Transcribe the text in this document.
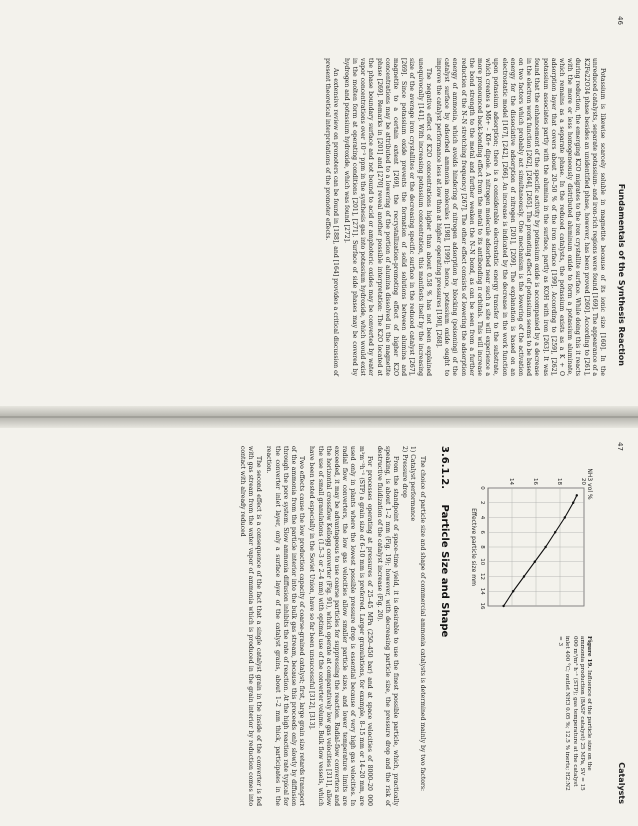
Fundamentals of the Synthesis Reaction
46

Potassium is likewise scarcely soluble in magnetite because of its ionic size [160]. In the unreduced catalysts, separate potassium- and iron-rich regions were found [169]. The appearance of a K2Fe22O34 phase besides an unidentified phase, however, has been proved [260]. According to [261], during reduction, the emerging K2O migrates to the iron crystallite surface. While doing this it reacts with the more or less homogeneously distributed aluminum oxide to form a potassium aluminate, which remains as a separate phase. In the reduced catalysts, the potassium exists as a K + O adsorption layer that covers about 20–50 % of the iron surface [199]. According to [259], [262], potassium associates partly with the alumina in the surface, partly as KOH with iron [263]. It was found that the enhancement of the specific activity by potassium oxide is accompanied by a decrease in the electron work function [262], [264], [265]. The promoting effect of potassium seems to be based on two factors which probably act simultaneously. One mechanism is the lowering of the activation energy for the dissociative adsorption of nitrogen [201], [209]. The explanation is based on an electrostatic model [167], [242], [266]. An increase is indicated by the decrease in the work function upon potassium adsorption; there is a considerable electrostatic energy transfer to the substrate, which creates a Mδ+ – Kδ+ dipole. A nitrogen molecule adsorbed near such a site will experience a more pronounced back-bonding effect from the metal to its antibonding π orbitals. This will increase the bond strength to the metal and further weaken the N–N bond, as can be seen from a further reduction of the N–N stretching frequency [267]. The other effect consists of lowering the adsorption energy of ammonia, which avoids hindering of nitrogen adsorption by blocking (poisoning) of the catalyst surface by adsorbed ammonia molecules [198], [199]; hence, potassium oxide ought to improve the catalyst performance less at low than at higher operating pressures [190], [268].

The negative effect of K2O concentrations higher than about 0.58 % has not been explained unequivocally [141]. With increasing potassium concentration, this manifests itself by the increasing size of the average iron crystallites or the decreasing specific surface in the reduced catalyst [267], [269]. Since potassium oxide prevents the formation of solid solutions between alumina and magnetite to a certain extent [269], the recrystallization-promoting effect of higher K2O concentrations may be attributed to a lowering of the portion of alumina dissolved in the magnetite phase [269]. Remarks in [201] and [270] reveal another possible interpretation: The K2O located at the phase boundary surface and not bound to acid or amphoteric oxides may be converted by water vapor concentrations over 10⁻³ ppm in the synthesis gas into potassium hydroxide, which would exist in the molten form at operating conditions [201], [271]. Surface of side phases may be covered by hydrogen and potassium hydroxide, which was found [272].

An extensive review on promoters can be found in [188], and [164] provides a critical discussion of present theoretical interpretations of the promoter effects.

Catalysts
47
14	16	18	20
0
2
4
6
8
10
12
14
16
Effective particle size mm
NH3 vol %
Figure 19. Influence of the particle size on the ammonia production (BASF catalyst) 25 MPa, SV = 15 000 m³/m³ h⁻¹ (STP); gas temperature at the catalyst inlet 400 °C; outlet NH3 0.05 %; 12.5 % inerts; H2:N2 = 3
3.6.1.2. Particle Size and Shape

The choice of particle size and shape of commercial ammonia catalysts is determined mainly by two factors:

1) Catalyst performance

2) Pressure drop

From the standpoint of space–time yield, it is desirable to use the finest possible particle, which, practically speaking, is about 1–2 mm (Fig. 19); however, with decreasing particle size, the pressure drop and the risk of destructive fluidization of the catalyst increase (Fig. 20).

For processes operating at pressures of 25–45 MPa (250–450 bar) and at space velocities of 8000–20 000 m³m⁻³h⁻¹ (STP) a grain size of 6–10 mm is preferred. Larger granulations, for example, 8–15 mm or 14–20 mm, are used only in plants where the lowest possible pressure drop is essential because of very high gas velocities. In radial flow converters, the low gas velocities allow smaller particle sizes, and lower temperature limits are exceeded, it may be advantageous to use coarse particles for suppressing the reaction. Radial-flow converters and the horizontal crossflow Kellogg converter (Fig. 91), which operate at comparatively low gas velocities [311], allow the use of small granulations (1.5–3 or 2–4 mm) with optimal use of the converter volume. Bulk flow vessels, which have been tested especially in the Soviet Union, have so far been unsuccessful [312], [313].

Two effects cause the low production capacity of coarse-grained catalyst; first, large grain size retards transport of the ammonia from the particle interior into the bulk gas stream, because this proceeds only slowly by diffusion through the pore system. Slow ammonia diffusion inhibits the rate of reaction. At the high reaction rate typical for the converter inlet layer, only a surface layer of the catalyst grains, about 1–2 mm thick, participates in the reaction.

The second effect is a consequence of the fact that a single catalyst grain in the inside of the converter is fed with gas stream from the water vapor of ammonia which is produced in the grain interior by reduction comes into contact with already reduced
